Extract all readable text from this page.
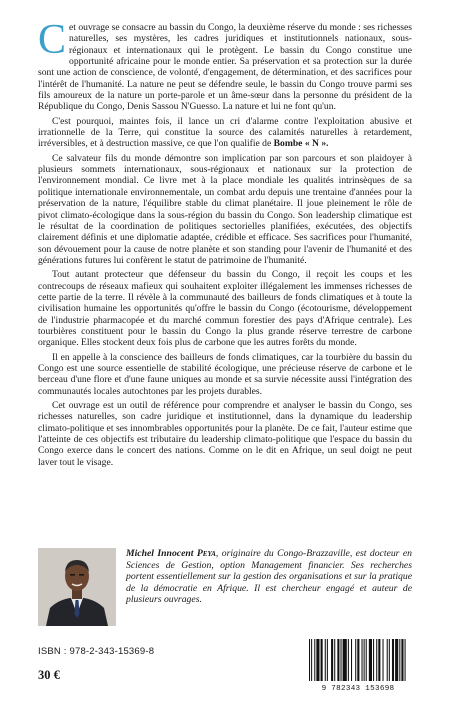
Cet ouvrage se consacre au bassin du Congo, la deuxième réserve du monde : ses richesses naturelles, ses mystères, les cadres juridiques et institutionnels nationaux, sous-régionaux et internationaux qui le protègent. Le bassin du Congo constitue une opportunité africaine pour le monde entier. Sa préservation et sa protection sur la durée sont une action de conscience, de volonté, d'engagement, de détermination, et des sacrifices pour l'intérêt de l'humanité. La nature ne peut se défendre seule, le bassin du Congo trouve parmi ses fils amoureux de la nature un porte-parole et un âme-sœur dans la personne du président de la République du Congo, Denis Sassou N'Guesso. La nature et lui ne font qu'un.

C'est pourquoi, maintes fois, il lance un cri d'alarme contre l'exploitation abusive et irrationnelle de la Terre, qui constitue la source des calamités naturelles à retardement, irréversibles, et à destruction massive, ce que l'on qualifie de Bombe « N ».

Ce salvateur fils du monde démontre son implication par son parcours et son plaidoyer à plusieurs sommets internationaux, sous-régionaux et nationaux sur la protection de l'environnement mondial. Ce livre met à la place mondiale les qualités intrinsèques de sa politique internationale environnementale, un combat ardu depuis une trentaine d'années pour la préservation de la nature, l'équilibre stable du climat planétaire. Il joue pleinement le rôle de pivot climato-écologique dans la sous-région du bassin du Congo. Son leadership climatique est le résultat de la coordination de politiques sectorielles planifiées, exécutées, des objectifs clairement définis et une diplomatie adaptée, crédible et efficace. Ses sacrifices pour l'humanité, son dévouement pour la cause de notre planète et son standing pour l'avenir de l'humanité et des générations futures lui confèrent le statut de patrimoine de l'humanité.

Tout autant protecteur que défenseur du bassin du Congo, il reçoit les coups et les contrecoups de réseaux mafieux qui souhaitent exploiter illégalement les immenses richesses de cette partie de la terre. Il révèle à la communauté des bailleurs de fonds climatiques et à toute la civilisation humaine les opportunités qu'offre le bassin du Congo (écotourisme, développement de l'industrie pharmacopée et du marché commun forestier des pays d'Afrique centrale). Les tourbières constituent pour le bassin du Congo la plus grande réserve terrestre de carbone organique. Elles stockent deux fois plus de carbone que les autres forêts du monde.

Il en appelle à la conscience des bailleurs de fonds climatiques, car la tourbière du bassin du Congo est une source essentielle de stabilité écologique, une précieuse réserve de carbone et le berceau d'une flore et d'une faune uniques au monde et sa survie nécessite aussi l'intégration des communautés locales autochtones par les projets durables.

Cet ouvrage est un outil de référence pour comprendre et analyser le bassin du Congo, ses richesses naturelles, son cadre juridique et institutionnel, dans la dynamique du leadership climato-politique et ses innombrables opportunités pour la planète. De ce fait, l'auteur estime que l'atteinte de ces objectifs est tributaire du leadership climato-politique que l'espace du bassin du Congo exerce dans le concert des nations. Comme on le dit en Afrique, un seul doigt ne peut laver tout le visage.

Michel Innocent Peya, originaire du Congo-Brazzaville, est docteur en Sciences de Gestion, option Management financier. Ses recherches portent essentiellement sur la gestion des organisations et sur la pratique de la démocratie en Afrique. Il est chercheur engagé et auteur de plusieurs ouvrages.
ISBN : 978-2-343-15369-8
30 €
9 782343 153698
